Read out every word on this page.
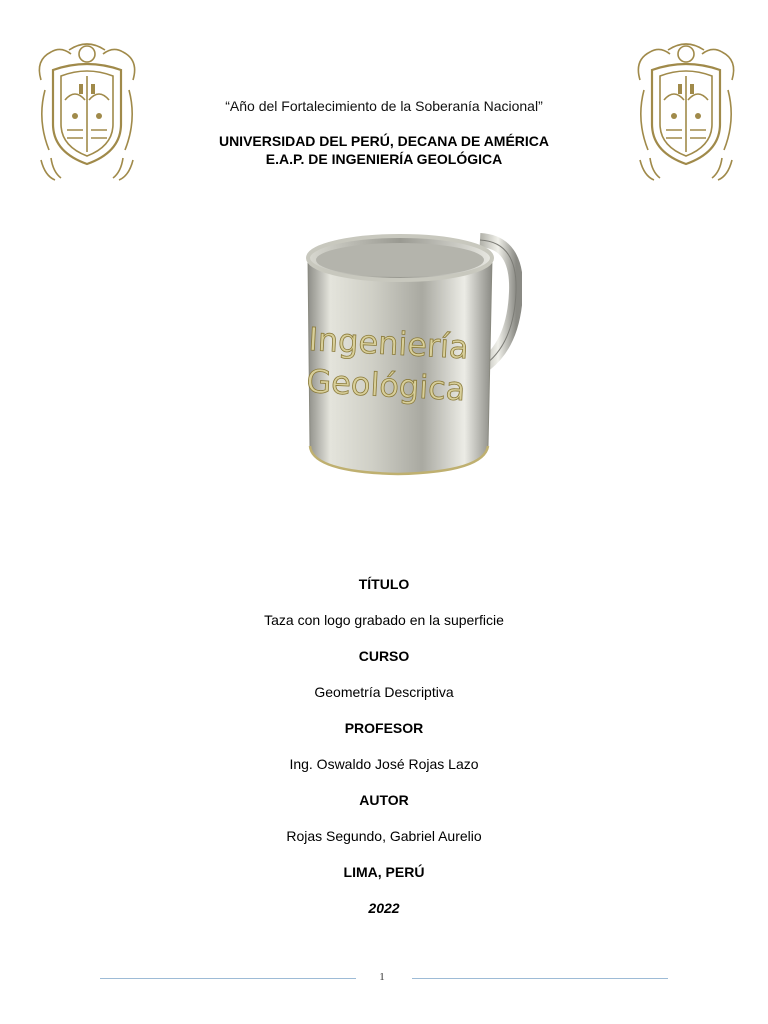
“Año del Fortalecimiento de la Soberanía Nacional”
UNIVERSIDAD DEL PERÚ, DECANA DE AMÉRICA
E.A.P. DE INGENIERÍA GEOLÓGICA
Ingeniería
Geológica
TÍTULO
Taza con logo grabado en la superficie
CURSO
Geometría Descriptiva
PROFESOR
Ing. Oswaldo José Rojas Lazo
AUTOR
Rojas Segundo, Gabriel Aurelio
LIMA, PERÚ
2022
1
